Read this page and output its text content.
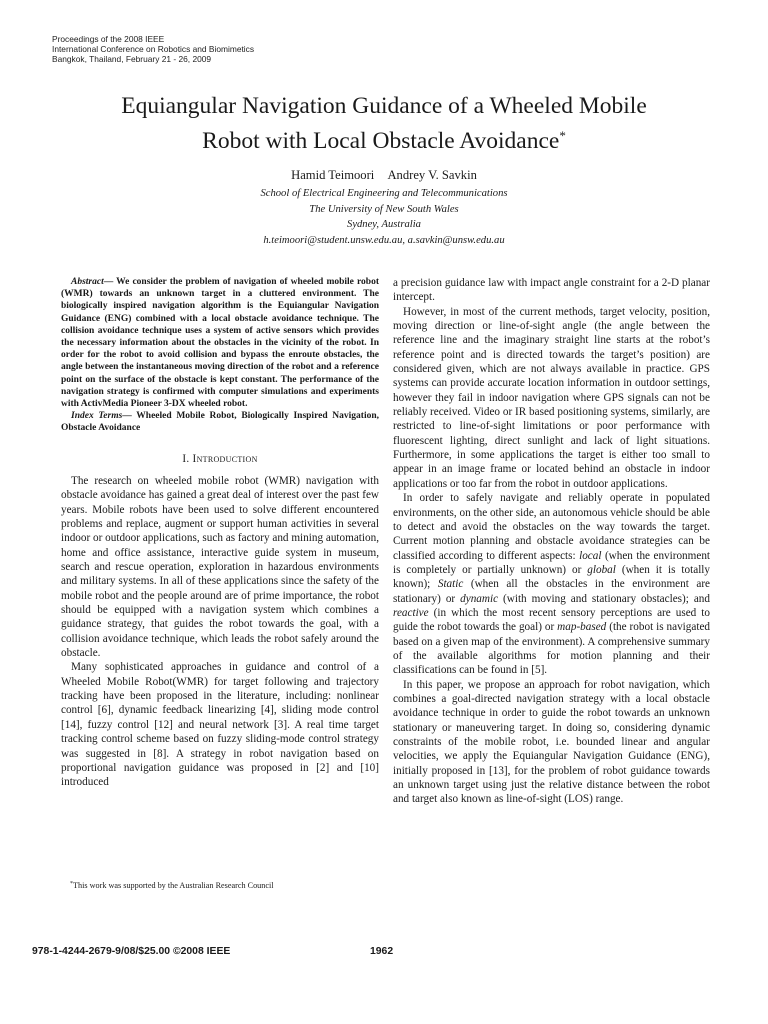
Proceedings of the 2008 IEEE
International Conference on Robotics and Biomimetics
Bangkok, Thailand, February 21 - 26, 2009
Equiangular Navigation Guidance of a Wheeled Mobile
Robot with Local Obstacle Avoidance*
Hamid Teimoori Andrey V. Savkin
School of Electrical Engineering and Telecommunications
The University of New South Wales
Sydney, Australia
h.teimoori@student.unsw.edu.au, a.savkin@unsw.edu.au

Abstract— We consider the problem of navigation of wheeled mobile robot (WMR) towards an unknown target in a cluttered environment. The biologically inspired navigation algorithm is the Equiangular Navigation Guidance (ENG) combined with a local obstacle avoidance technique. The collision avoidance technique uses a system of active sensors which provides the necessary information about the obstacles in the vicinity of the robot. In order for the robot to avoid collision and bypass the enroute obstacles, the angle between the instantaneous moving direction of the robot and a reference point on the surface of the obstacle is kept constant. The performance of the navigation strategy is confirmed with computer simulations and experiments with ActivMedia Pioneer 3-DX wheeled robot.

Index Terms— Wheeled Mobile Robot, Biologically Inspired Navigation, Obstacle Avoidance

I. Introduction

The research on wheeled mobile robot (WMR) navigation with obstacle avoidance has gained a great deal of interest over the past few years. Mobile robots have been used to solve different encountered problems and replace, augment or support human activities in several indoor or outdoor applications, such as factory and mining automation, home and office assistance, interactive guide system in museum, search and rescue operation, exploration in hazardous environments and military systems. In all of these applications since the safety of the mobile robot and the people around are of prime importance, the robot should be equipped with a navigation system which combines a guidance strategy, that guides the robot towards the goal, with a collision avoidance technique, which leads the robot safely around the obstacle.

Many sophisticated approaches in guidance and control of a Wheeled Mobile Robot(WMR) for target following and trajectory tracking have been proposed in the literature, including: nonlinear control [6], dynamic feedback linearizing [4], sliding mode control [14], fuzzy control [12] and neural network [3]. A real time target tracking control scheme based on fuzzy sliding-mode control strategy was suggested in [8]. A strategy in robot navigation based on proportional navigation guidance was proposed in [2] and [10] introduced

a precision guidance law with impact angle constraint for a 2-D planar intercept.

However, in most of the current methods, target velocity, position, moving direction or line-of-sight angle (the angle between the reference line and the imaginary straight line starts at the robot’s reference point and is directed towards the target’s position) are considered given, which are not always available in practice. GPS systems can provide accurate location information in outdoor settings, however they fail in indoor navigation where GPS signals can not be reliably received. Video or IR based positioning systems, similarly, are restricted to line-of-sight limitations or poor performance with fluorescent lighting, direct sunlight and lack of light situations. Furthermore, in some applications the target is either too small to appear in an image frame or located behind an obstacle in indoor applications or too far from the robot in outdoor applications.

In order to safely navigate and reliably operate in populated environments, on the other side, an autonomous vehicle should be able to detect and avoid the obstacles on the way towards the target. Current motion planning and obstacle avoidance strategies can be classified according to different aspects: local (when the environment is completely or partially unknown) or global (when it is totally known); Static (when all the obstacles in the environment are stationary) or dynamic (with moving and stationary obstacles); and reactive (in which the most recent sensory perceptions are used to guide the robot towards the goal) or map-based (the robot is navigated based on a given map of the environment). A comprehensive summary of the available algorithms for motion planning and their classifications can be found in [5].

In this paper, we propose an approach for robot navigation, which combines a goal-directed navigation strategy with a local obstacle avoidance technique in order to guide the robot towards an unknown stationary or maneuvering target. In doing so, considering dynamic constraints of the mobile robot, i.e. bounded linear and angular velocities, we apply the Equiangular Navigation Guidance (ENG), initially proposed in [13], for the problem of robot guidance towards an unknown target using just the relative distance between the robot and target also known as line-of-sight (LOS) range.

*This work was supported by the Australian Research Council
978-1-4244-2679-9/08/$25.00 ©2008 IEEE	1962
